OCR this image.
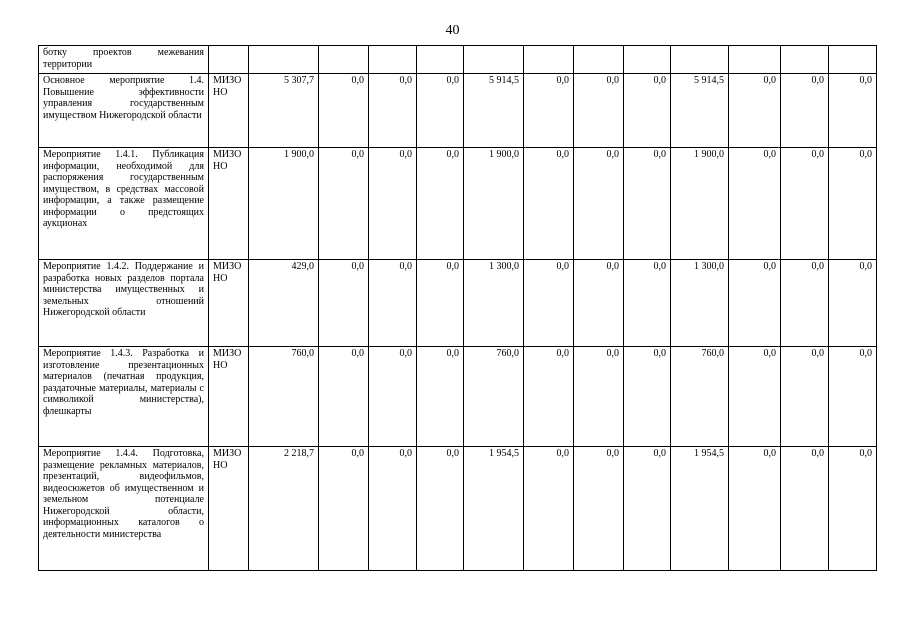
40
ботку проектов межевания территории													
Основное мероприятие 1.4. Повышение эффективности управления государственным имуществом Нижегородской области	МИЗО НО	5 307,7	0,0	0,0	0,0	5 914,5	0,0	0,0	0,0	5 914,5	0,0	0,0	0,0
Мероприятие 1.4.1. Публикация информации, необходимой для распоряжения государственным имуществом, в средствах массовой информации, а также размещение информации о предстоящих аукционах	МИЗО НО	1 900,0	0,0	0,0	0,0	1 900,0	0,0	0,0	0,0	1 900,0	0,0	0,0	0,0
Мероприятие 1.4.2. Поддержание и разработка новых разделов портала министерства имущественных и земельных отношений Нижегородской области	МИЗО НО	429,0	0,0	0,0	0,0	1 300,0	0,0	0,0	0,0	1 300,0	0,0	0,0	0,0
Мероприятие 1.4.3. Разработка и изготовление презентационных материалов (печатная продукция, раздаточные материалы, материалы с символикой министерства), флешкарты	МИЗО НО	760,0	0,0	0,0	0,0	760,0	0,0	0,0	0,0	760,0	0,0	0,0	0,0
Мероприятие 1.4.4. Подготовка, размещение рекламных материалов, презентаций, видеофильмов, видеосюжетов об имущественном и земельном потенциале Нижегородской области, информационных каталогов о деятельности министерства	МИЗО НО	2 218,7	0,0	0,0	0,0	1 954,5	0,0	0,0	0,0	1 954,5	0,0	0,0	0,0
